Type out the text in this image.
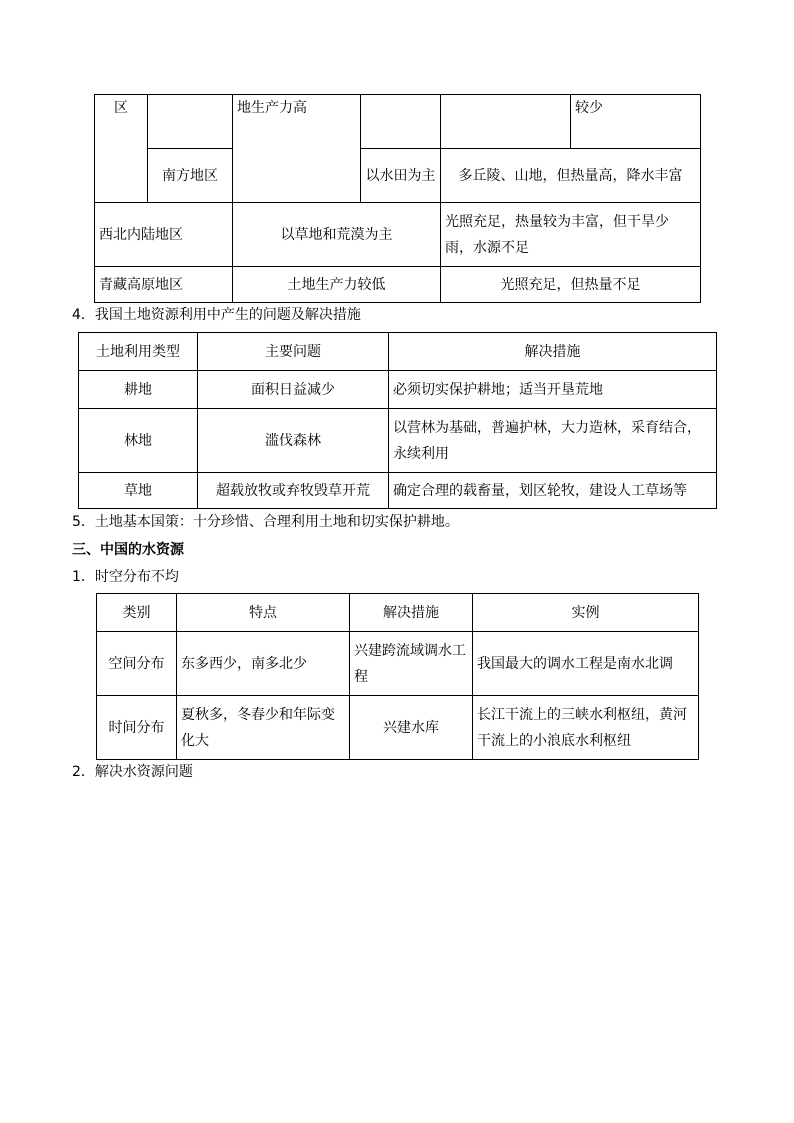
区		地生产力高			较少
	南方地区		以水田为主	多丘陵、山地，但热量高，降水丰富	
西北内陆地区		以草地和荒漠为主		光照充足，热量较为丰富，但干旱少雨，水源不足	
青藏高原地区		土地生产力较低		光照充足，但热量不足	
4．我国土地资源利用中产生的问题及解决措施
土地利用类型	主要问题	解决措施
耕地	面积日益减少	必须切实保护耕地；适当开垦荒地
林地	滥伐森林	以营林为基础，普遍护林，大力造林，采育结合，永续利用
草地	超载放牧或弃牧毁草开荒	确定合理的载畜量，划区轮牧，建设人工草场等
5．土地基本国策：十分珍惜、合理利用土地和切实保护耕地。
三、中国的水资源
1．时空分布不均
类别	特点	解决措施	实例
空间分布	东多西少，南多北少	兴建跨流域调水工程	我国最大的调水工程是南水北调
时间分布	夏秋多，冬春少和年际变化大	兴建水库	长江干流上的三峡水利枢纽，黄河干流上的小浪底水利枢纽
2．解决水资源问题
